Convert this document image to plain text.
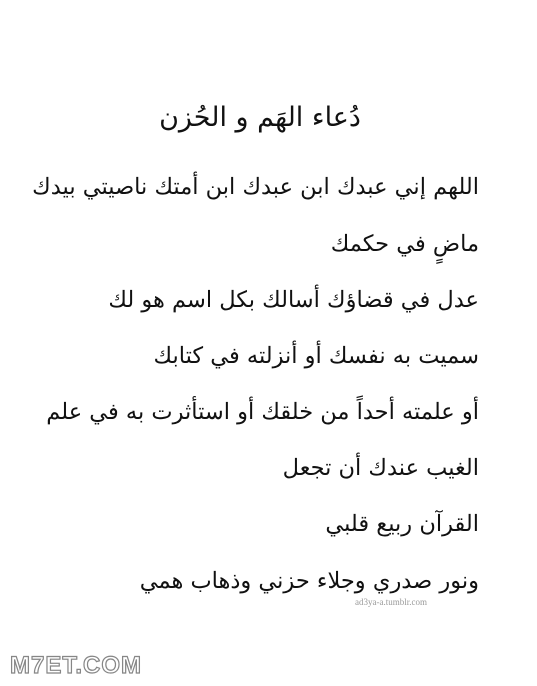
دُعاء الهَم و الحُزن
اللهم إني عبدك ابن عبدك ابن أمتك ناصيتي بيدك
ماضٍ في حكمك
عدل في قضاؤك أسالك بكل اسم هو لك
سميت به نفسك أو أنزلته في كتابك
أو علمته أحداً من خلقك أو استأثرت به في علم
الغيب عندك أن تجعل
القرآن ربيع قلبي
ونور صدري وجلاء حزني وذهاب همي
ad3ya-a.tumblr.com
M7ET.COM
